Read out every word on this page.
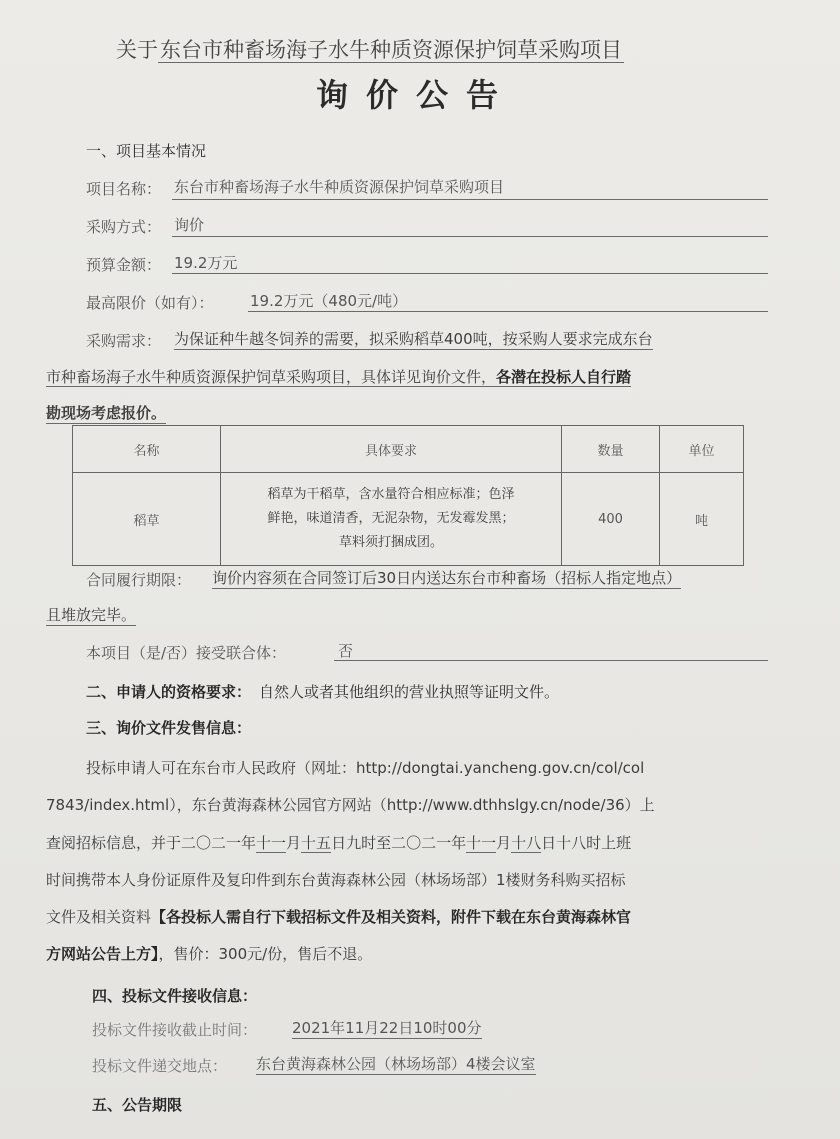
关于东台市种畜场海子水牛种质资源保护饲草采购项目
询价公告
一、项目基本情况
项目名称： 东台市种畜场海子水牛种质资源保护饲草采购项目
采购方式： 询价
预算金额： 19.2万元
最高限价（如有）： 19.2万元（480元/吨）
采购需求： 为保证种牛越冬饲养的需要，拟采购稻草400吨，按采购人要求完成东台
市种畜场海子水牛种质资源保护饲草采购项目，具体详见询价文件，各潜在投标人自行踏
勘现场考虑报价。
名称	具体要求	数量	单位
稻草	稻草为干稻草，含水量符合相应标准；色泽
鲜艳，味道清香，无泥杂物，无发霉发黑；
草料须打捆成团。	400	吨
合同履行期限： 询价内容须在合同签订后30日内送达东台市种畜场（招标人指定地点）
且堆放完毕。
本项目（是/否）接受联合体：	否
二、申请人的资格要求： 自然人或者其他组织的营业执照等证明文件。
三、询价文件发售信息：
投标申请人可在东台市人民政府（网址：http://dongtai.yancheng.gov.cn/col/col
7843/index.html），东台黄海森林公园官方网站（http://www.dthhslgy.cn/node/36）上
查阅招标信息，并于二〇二一年十一月十五日九时至二〇二一年十一月十八日十八时上班
时间携带本人身份证原件及复印件到东台黄海森林公园（林场场部）1楼财务科购买招标
文件及相关资料【各投标人需自行下载招标文件及相关资料，附件下载在东台黄海森林官
方网站公告上方】，售价：300元/份，售后不退。
四、投标文件接收信息：
投标文件接收截止时间： 2021年11月22日10时00分
投标文件递交地点： 东台黄海森林公园（林场场部）4楼会议室
五、公告期限
